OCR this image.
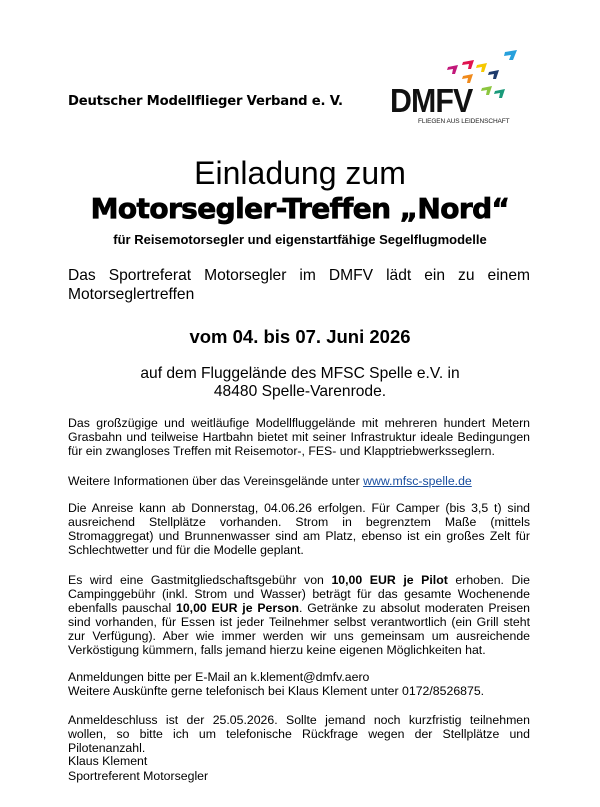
Deutscher Modellflieger Verband e. V. DMFV
FLIEGEN AUS LEIDENSCHAFT
Einladung zum
Motorsegler-Treffen „Nord“
für Reisemotorsegler und eigenstartfähige Segelflugmodelle
Das Sportreferat Motorsegler im DMFV lädt ein zu einem Motorseglertreffen
vom 04. bis 07. Juni 2026
auf dem Fluggelände des MFSC Spelle e.V. in
48480 Spelle-Varenrode.
Das großzügige und weitläufige Modellfluggelände mit mehreren hundert Metern Grasbahn und teilweise Hartbahn bietet mit seiner Infrastruktur ideale Bedingungen für ein zwangloses Treffen mit Reisemotor-, FES- und Klapptriebwerksseglern.
Weitere Informationen über das Vereinsgelände unter www.mfsc-spelle.de
Die Anreise kann ab Donnerstag, 04.06.26 erfolgen. Für Camper (bis 3,5 t) sind ausreichend Stellplätze vorhanden. Strom in begrenztem Maße (mittels Stromaggregat) und Brunnenwasser sind am Platz, ebenso ist ein großes Zelt für Schlechtwetter und für die Modelle geplant.
Es wird eine Gastmitgliedschaftsgebühr von 10,00 EUR je Pilot erhoben. Die Campinggebühr (inkl. Strom und Wasser) beträgt für das gesamte Wochenende ebenfalls pauschal 10,00 EUR je Person. Getränke zu absolut moderaten Preisen sind vorhanden, für Essen ist jeder Teilnehmer selbst verantwortlich (ein Grill steht zur Verfügung). Aber wie immer werden wir uns gemeinsam um ausreichende Verköstigung kümmern, falls jemand hierzu keine eigenen Möglichkeiten hat.
Anmeldungen bitte per E-Mail an k.klement@dmfv.aero
Weitere Auskünfte gerne telefonisch bei Klaus Klement unter 0172/8526875.
Anmeldeschluss ist der 25.05.2026. Sollte jemand noch kurzfristig teilnehmen wollen, so bitte ich um telefonische Rückfrage wegen der Stellplätze und Pilotenanzahl.
Klaus Klement
Sportreferent Motorsegler
